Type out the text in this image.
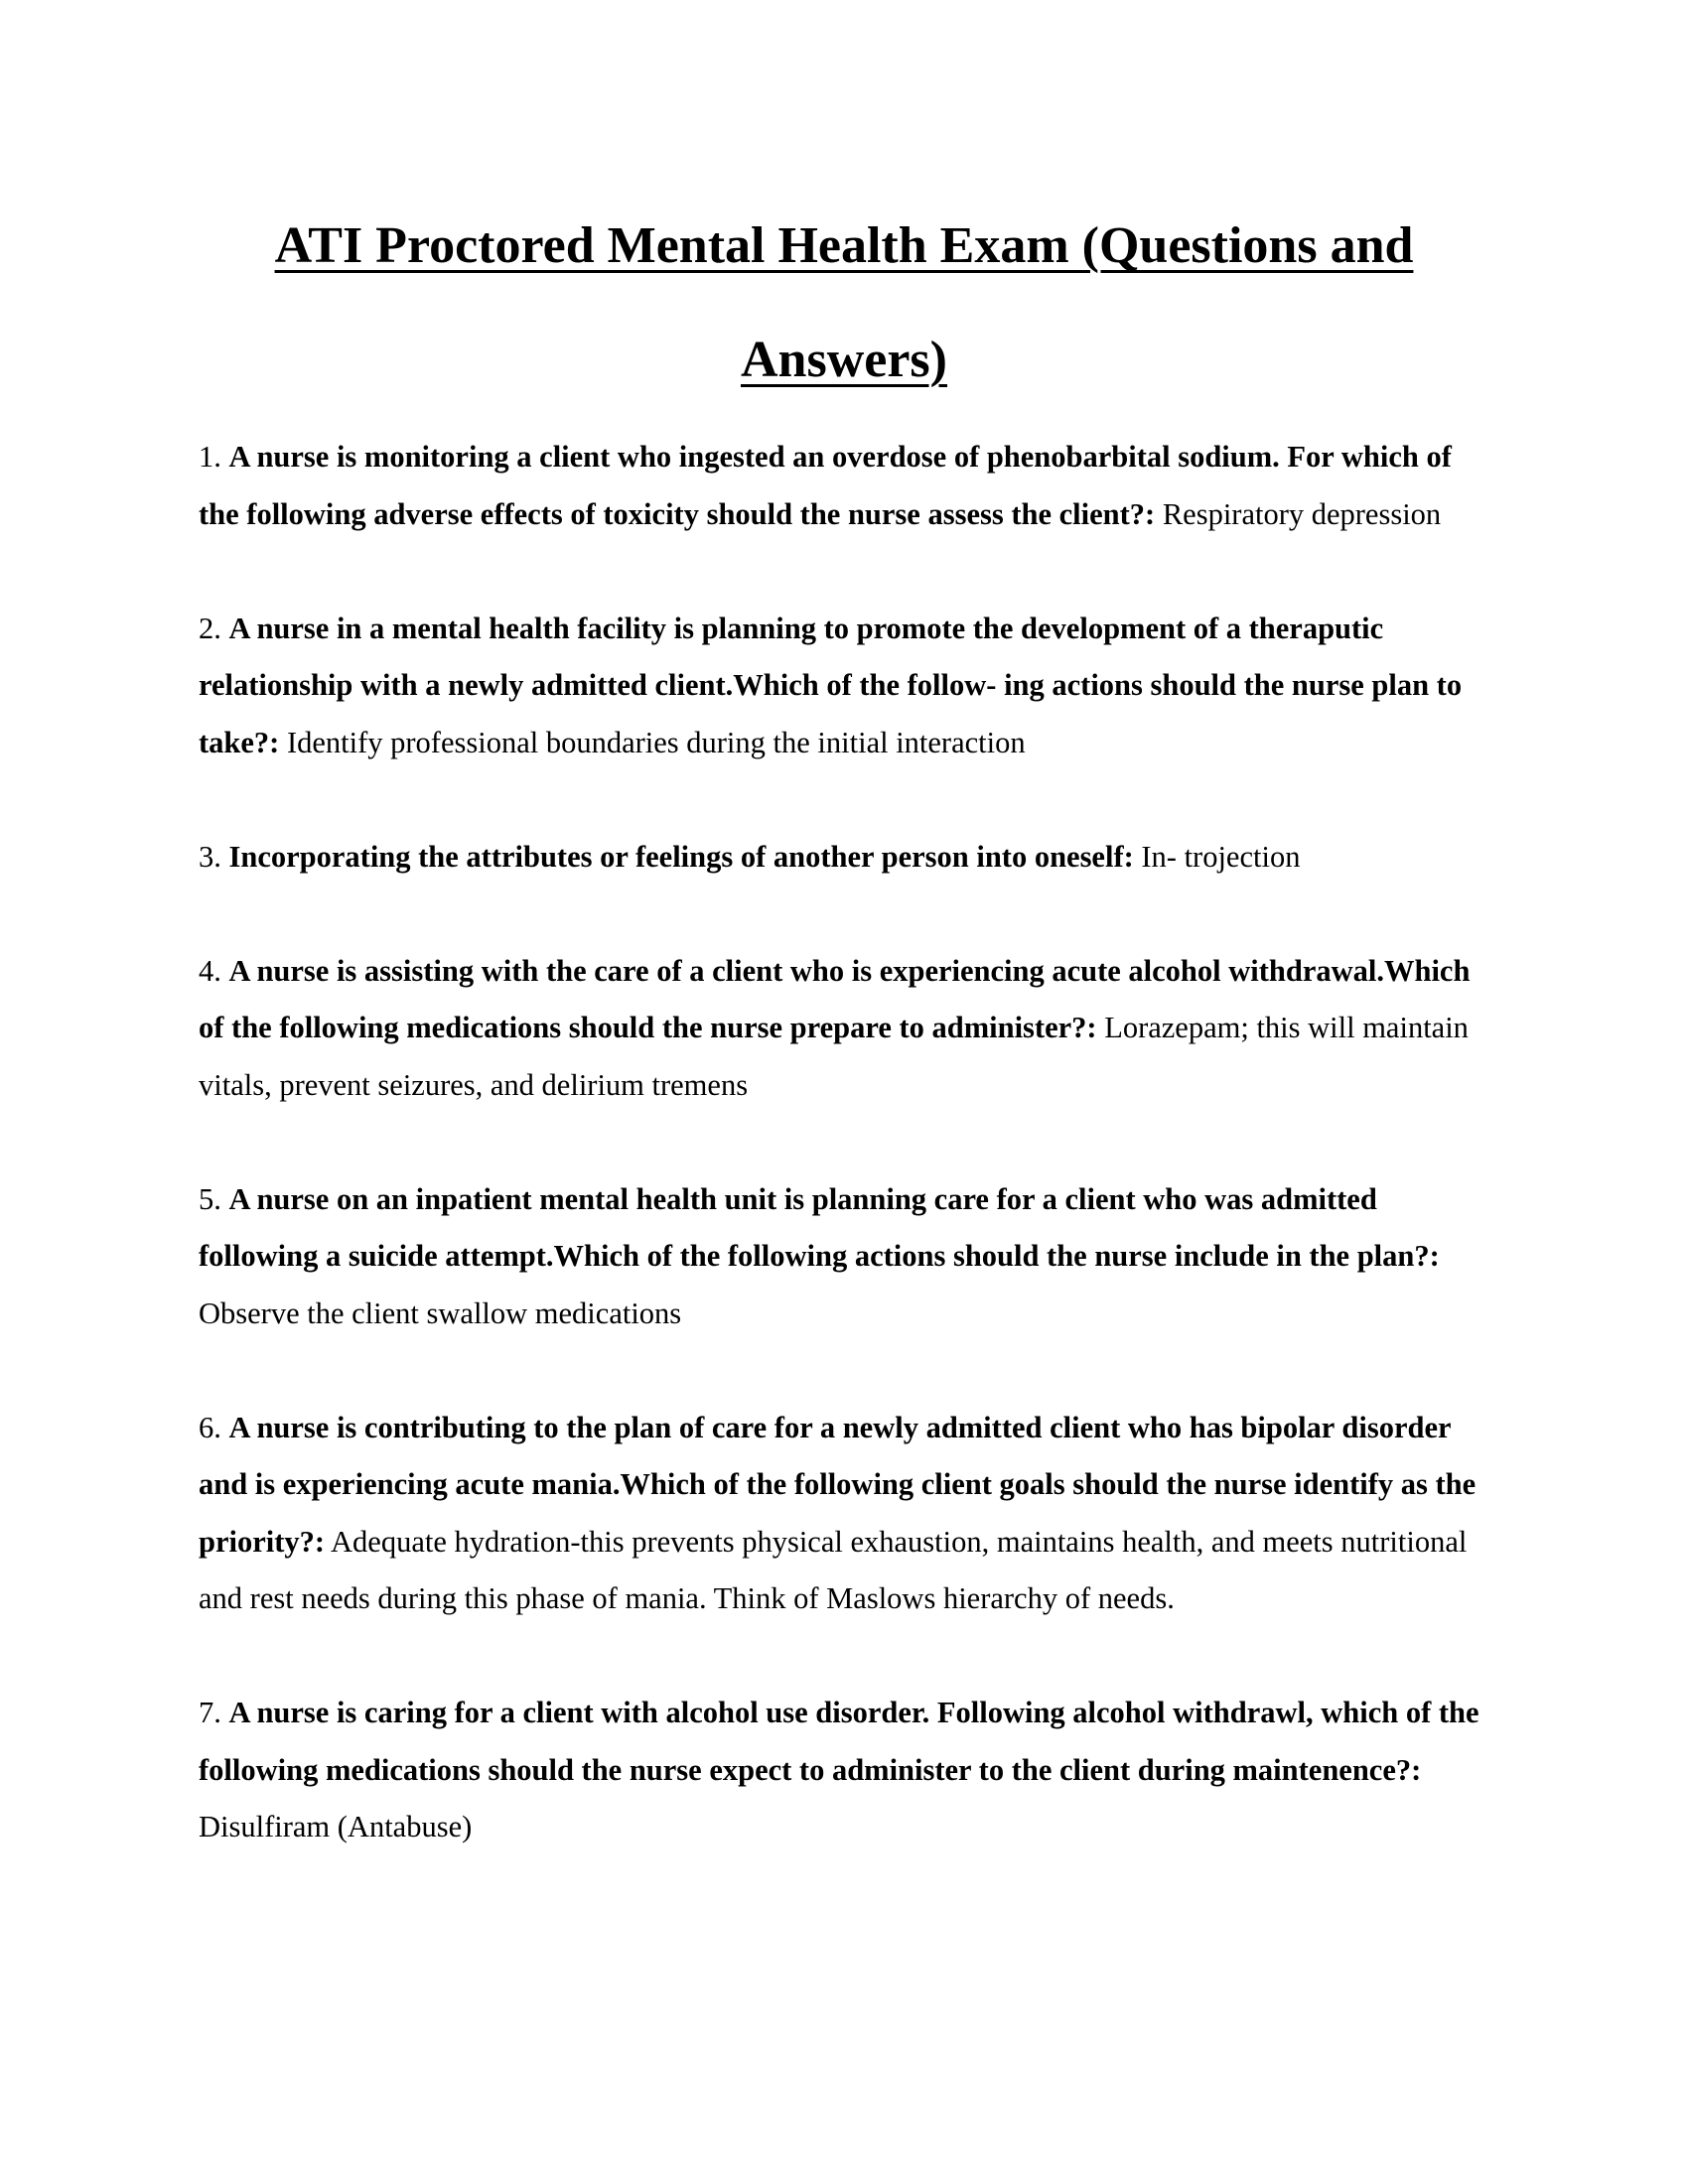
ATI Proctored Mental Health Exam (Questions and Answers)
1. A nurse is monitoring a client who ingested an overdose of phenobarbital sodium. For which of the following adverse effects of toxicity should the nurse assess the client?: Respiratory depression
2. A nurse in a mental health facility is planning to promote the development of a theraputic relationship with a newly admitted client.Which of the follow- ing actions should the nurse plan to take?: Identify professional boundaries during the initial interaction
3. Incorporating the attributes or feelings of another person into oneself: In- trojection
4. A nurse is assisting with the care of a client who is experiencing acute alcohol withdrawal.Which of the following medications should the nurse prepare to administer?: Lorazepam; this will maintain vitals, prevent seizures, and delirium tremens
5. A nurse on an inpatient mental health unit is planning care for a client who was admitted following a suicide attempt.Which of the following actions should the nurse include in the plan?: Observe the client swallow medications
6. A nurse is contributing to the plan of care for a newly admitted client who has bipolar disorder and is experiencing acute mania.Which of the following client goals should the nurse identify as the priority?: Adequate hydration-this prevents physical exhaustion, maintains health, and meets nutritional and rest needs during this phase of mania. Think of Maslows hierarchy of needs.
7. A nurse is caring for a client with alcohol use disorder. Following alcohol withdrawl, which of the following medications should the nurse expect to administer to the client during maintenence?: Disulfiram (Antabuse)
